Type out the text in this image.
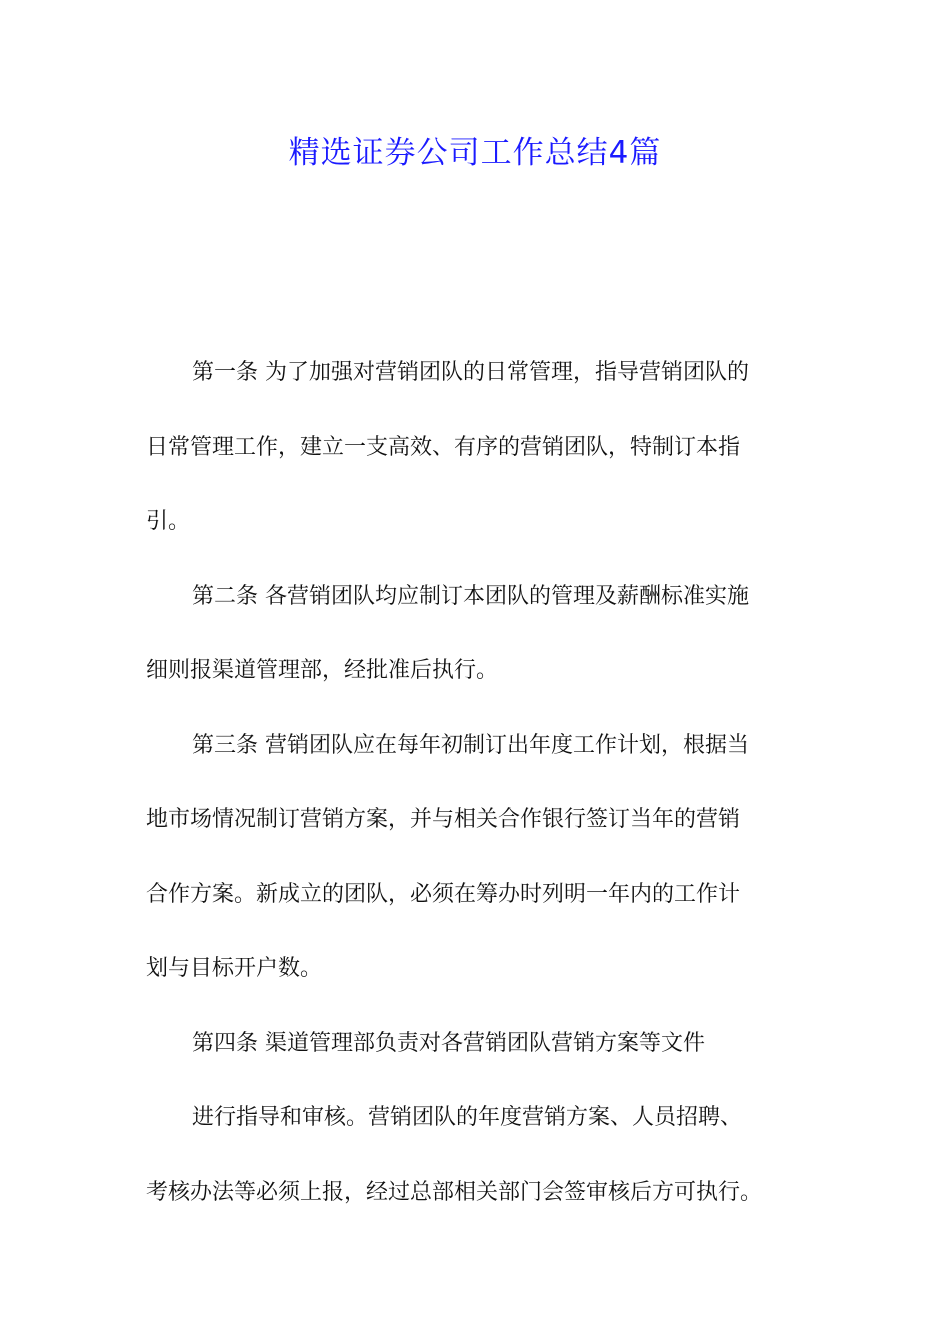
精选证券公司工作总结4篇
第一条 为了加强对营销团队的日常管理，指导营销团队的
日常管理工作，建立一支高效、有序的营销团队，特制订本指
引。
第二条 各营销团队均应制订本团队的管理及薪酬标准实施
细则报渠道管理部，经批准后执行。
第三条 营销团队应在每年初制订出年度工作计划，根据当
地市场情况制订营销方案，并与相关合作银行签订当年的营销
合作方案。新成立的团队，必须在筹办时列明一年内的工作计
划与目标开户数。
第四条 渠道管理部负责对各营销团队营销方案等文件
进行指导和审核。营销团队的年度营销方案、人员招聘、
考核办法等必须上报，经过总部相关部门会签审核后方可执行。
